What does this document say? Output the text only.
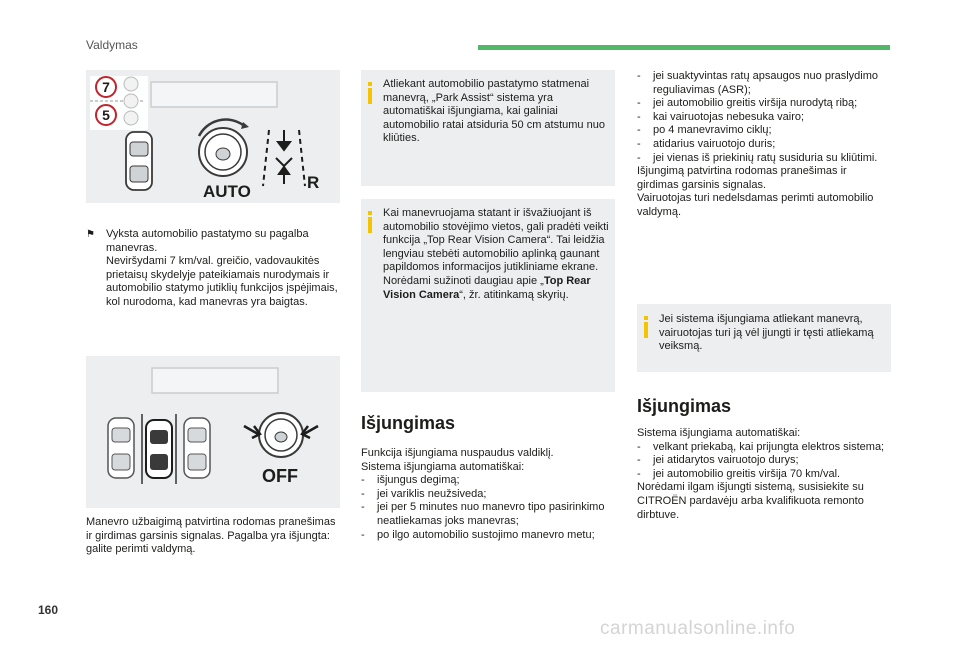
Valdymas
7
5
AUTO	R
⚑ Vyksta automobilio pastatymo su pagalba
manevras.
Neviršydami 7 km/val. greičio, vadovaukitės prietaisų skydelyje pateikiamais nurodymais ir automobilio statymo jutiklių funkcijos įspėjimais, kol nurodoma, kad manevras yra baigtas.
OFF
Manevro užbaigimą patvirtina rodomas pranešimas ir girdimas garsinis signalas. Pagalba yra išjungta: galite perimti valdymą.
Atliekant automobilio pastatymo statmenai manevrą, „Park Assist“ sistema yra automatiškai išjungiama, kai galiniai automobilio ratai atsiduria 50 cm atstumu nuo kliūties.
Kai manevruojama statant ir išvažiuojant iš automobilio stovėjimo vietos, gali pradėti veikti funkcija „Top Rear Vision Camera“. Tai leidžia lengviau stebėti automobilio aplinką gaunant papildomos informacijos jutikliniame ekrane.
Norėdami sužinoti daugiau apie „Top Rear Vision Camera“, žr. atitinkamą skyrių.
Išjungimas
Funkcija išjungiama nuspaudus valdiklį.
Sistema išjungiama automatiškai:
- išjungus degimą;
- jei variklis neužsiveda;
- jei per 5 minutes nuo manevro tipo pasirinkimo neatliekamas joks manevras;
- po ilgo automobilio sustojimo manevro metu;
- jei suaktyvintas ratų apsaugos nuo praslydimo reguliavimas (ASR);
- jei automobilio greitis viršija nurodytą ribą;
- kai vairuotojas nebesuka vairo;
- po 4 manevravimo ciklų;
- atidarius vairuotojo duris;
- jei vienas iš priekinių ratų susiduria su kliūtimi.
Išjungimą patvirtina rodomas pranešimas ir girdimas garsinis signalas.
Vairuotojas turi nedelsdamas perimti automobilio valdymą.
Jei sistema išjungiama atliekant manevrą, vairuotojas turi ją vėl įjungti ir tęsti atliekamą veiksmą.
Išjungimas
Sistema išjungiama automatiškai:
- velkant priekabą, kai prijungta elektros sistema;
- jei atidarytos vairuotojo durys;
- jei automobilio greitis viršija 70 km/val.
Norėdami ilgam išjungti sistemą, susisiekite su CITROËN pardavėju arba kvalifikuota remonto dirbtuve.
160
carmanualsonline.info
